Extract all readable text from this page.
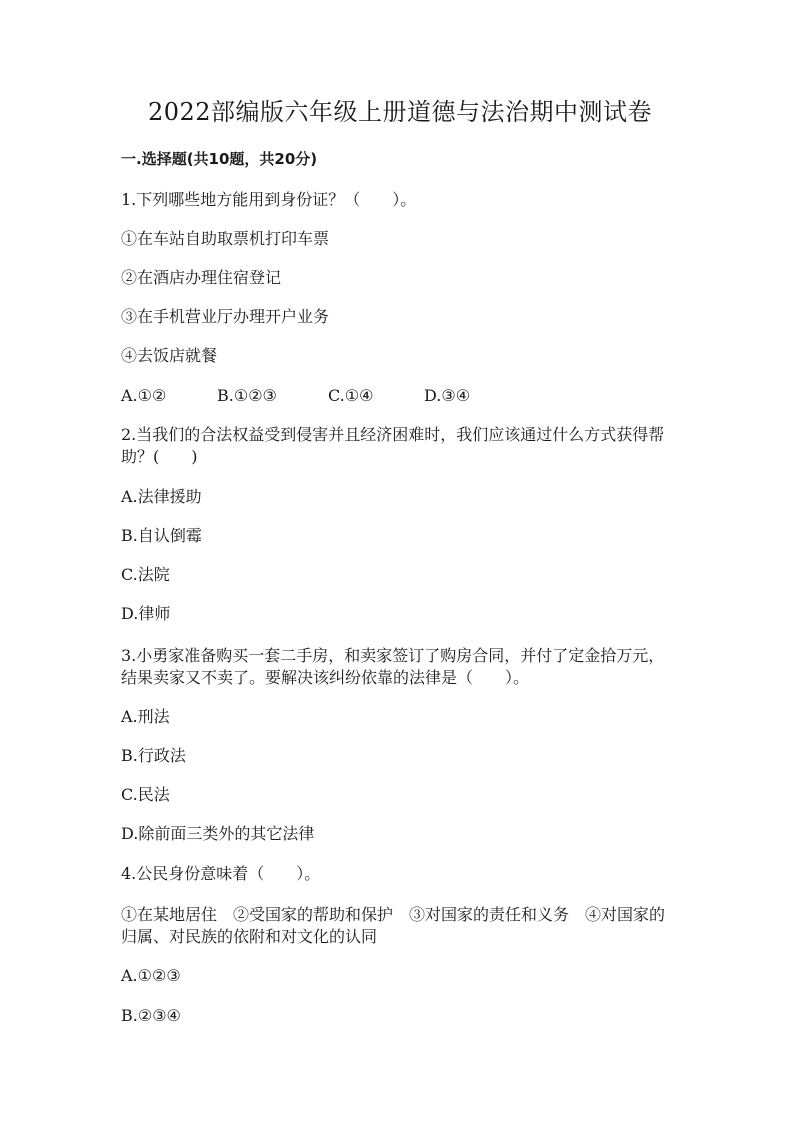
2022部编版六年级上册道德与法治期中测试卷
一.选择题(共10题，共20分)
1.下列哪些地方能用到身份证？（　　）。
①在车站自助取票机打印车票
②在酒店办理住宿登记
③在手机营业厅办理开户业务
④去饭店就餐
A.①②	B.①②③	C.①④	D.③④
2.当我们的合法权益受到侵害并且经济困难时，我们应该通过什么方式获得帮
助？(　　)
A.法律援助
B.自认倒霉
C.法院
D.律师
3.小勇家准备购买一套二手房，和卖家签订了购房合同，并付了定金拾万元，
结果卖家又不卖了。要解决该纠纷依靠的法律是（　　）。
A.刑法
B.行政法
C.民法
D.除前面三类外的其它法律
4.公民身份意味着（　　）。
①在某地居住　②受国家的帮助和保护　③对国家的责任和义务　④对国家的
归属、对民族的依附和对文化的认同
A.①②③
B.②③④
